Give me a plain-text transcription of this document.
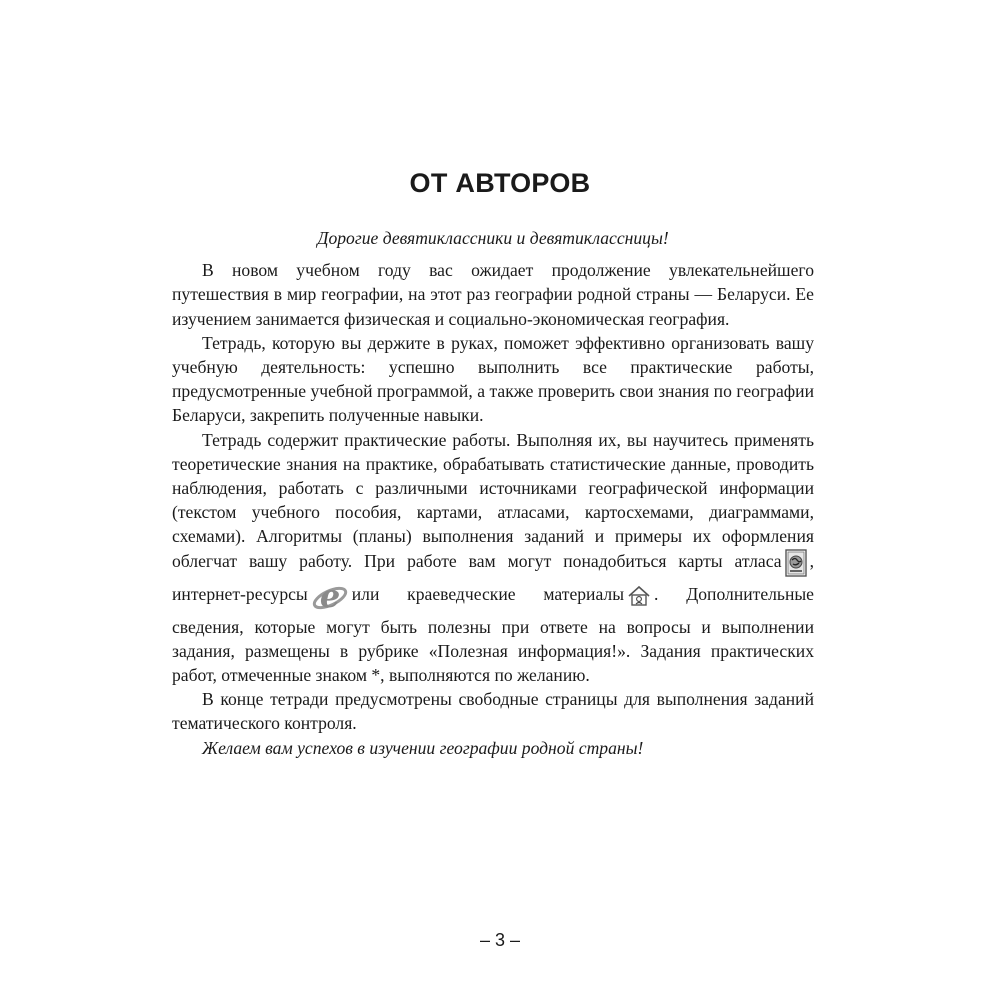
ОТ АВТОРОВ

Дорогие девятиклассники и девятиклассницы!

В новом учебном году вас ожидает продолжение увлекательнейшего путешествия в мир географии, на этот раз географии родной страны — Беларуси. Ее изучением занимается физическая и социально-экономическая география.

Тетрадь, которую вы держите в руках, поможет эффективно организовать вашу учебную деятельность: успешно выполнить все практические работы, предусмотренные учебной программой, а также проверить свои знания по географии Беларуси, закрепить полученные навыки.

Тетрадь содержит практические работы. Выполняя их, вы научитесь применять теоретические знания на практике, обрабатывать статистические данные, проводить наблюдения, работать с различными источниками географической информации (текстом учебного пособия, картами, атласами, картосхемами, диаграммами, схемами). Алгоритмы (планы) выполнения заданий и примеры их оформления облегчат вашу работу. При работе вам могут понадобиться карты атласа , интернет-ресурсы e или краеведческие материалы . Дополнительные сведения, которые могут быть полезны при ответе на вопросы и выполнении задания, размещены в рубрике «Полезная информация!». Задания практических работ, отмеченные знаком *, выполняются по желанию.

В конце тетради предусмотрены свободные страницы для выполнения заданий тематического контроля.

Желаем вам успехов в изучении географии родной страны!

– 3 –
